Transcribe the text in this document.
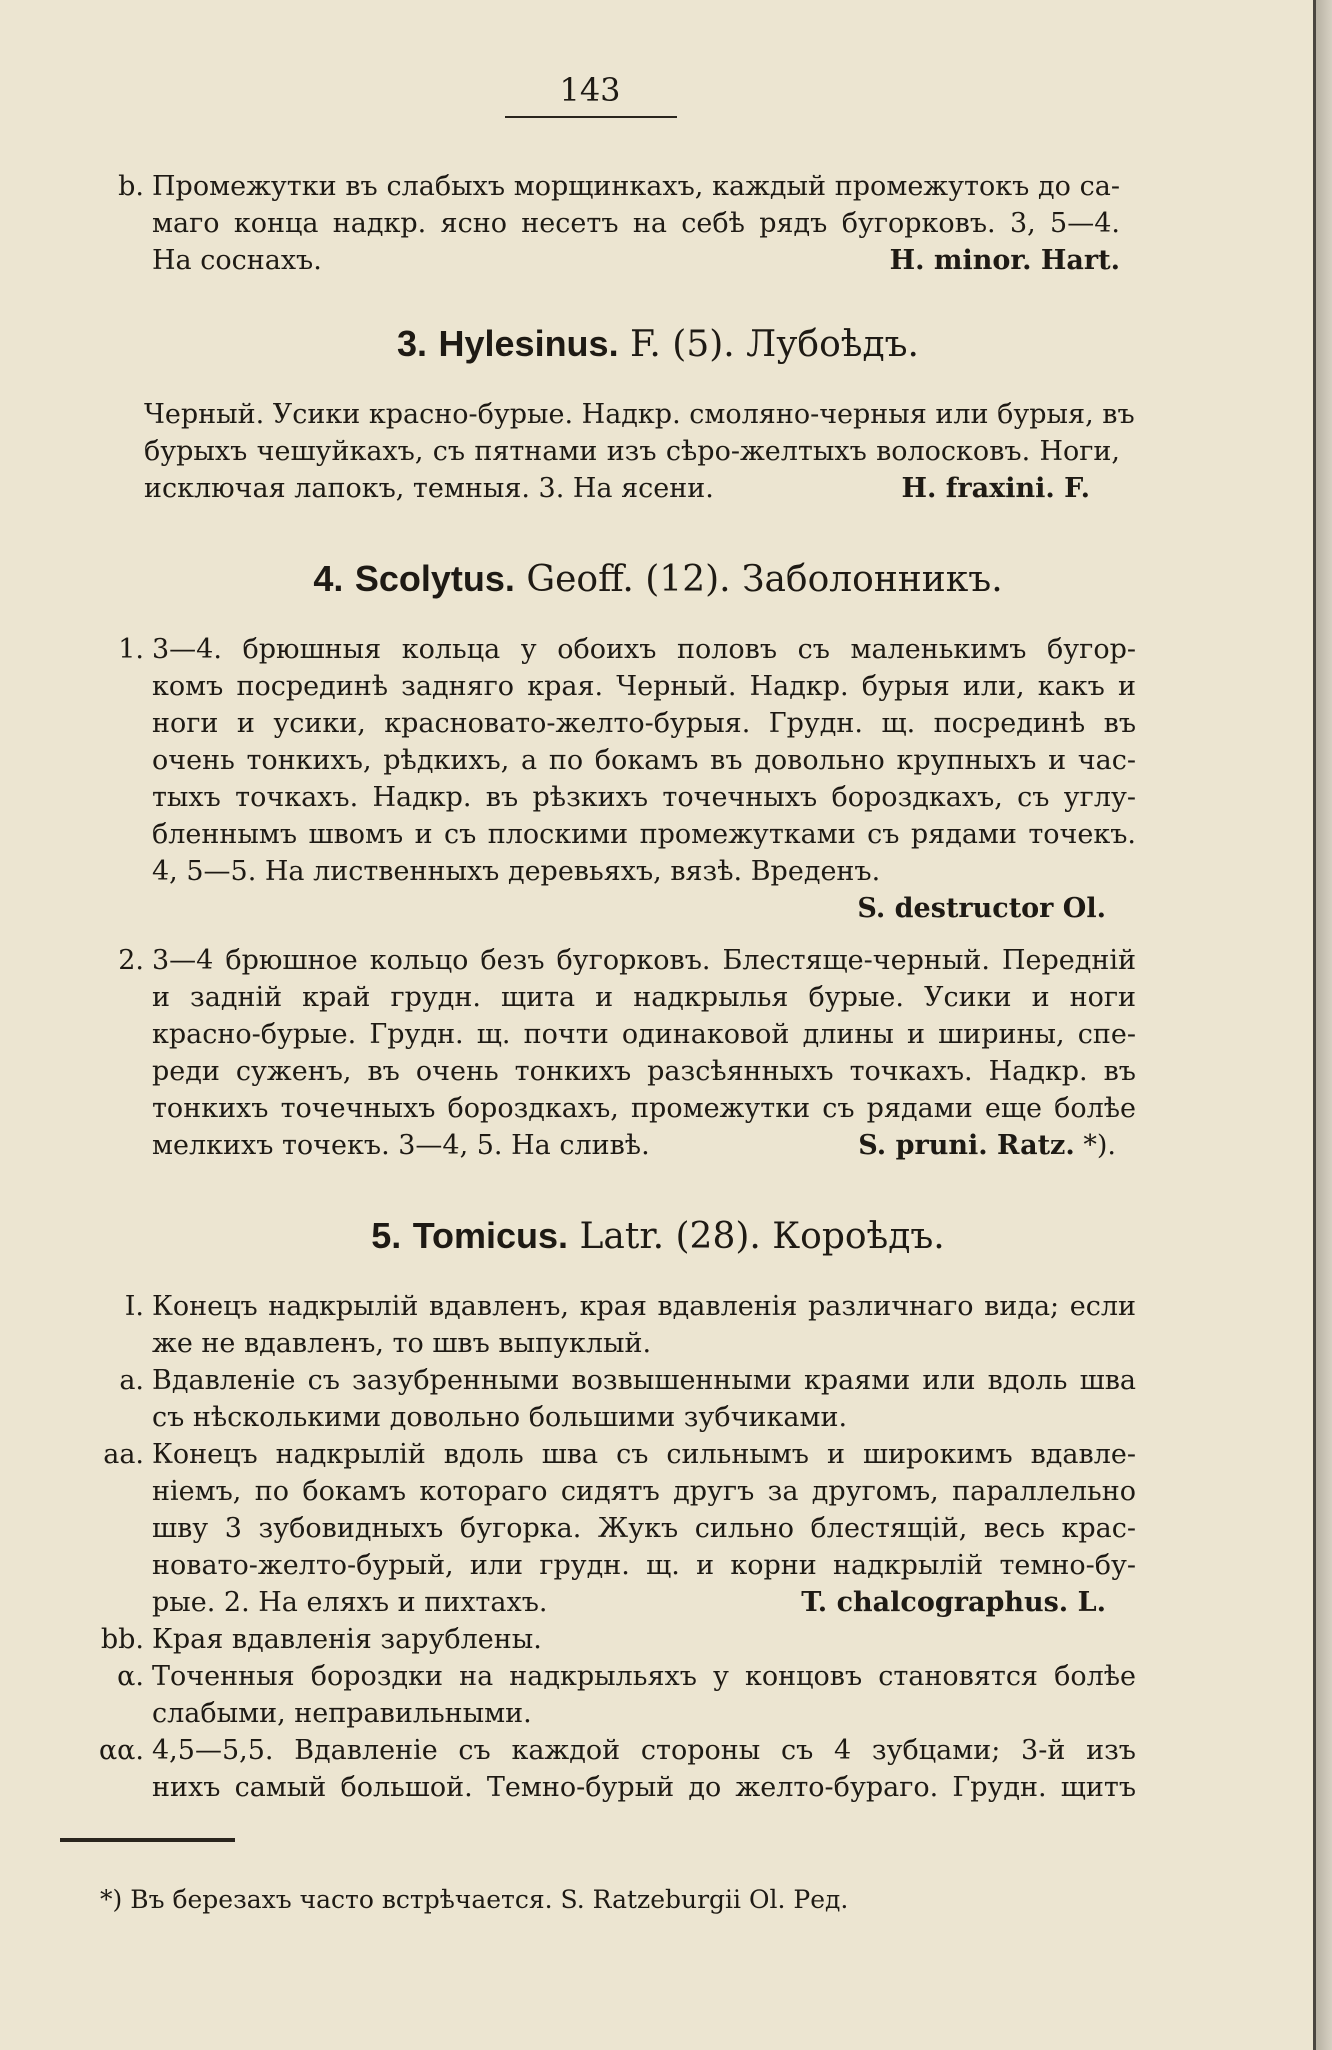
143
b. Промежутки въ слабыхъ морщинкахъ, каждый промежутокъ до са-
маго конца надкр. ясно несетъ на себѣ рядъ бугорковъ. 3, 5—4.
На соснахъ.	H. minor. Hart.
3. Hylesinus. F. (5). Лубоѣдъ.
Черный. Усики красно-бурые. Надкр. смоляно-черныя или бурыя, въ
бурыхъ чешуйкахъ, съ пятнами изъ сѣро-желтыхъ волосковъ. Ноги,
исключая лапокъ, темныя. 3. На ясени.	H. fraxini. F.
4. Scolytus. Geoff. (12). Заболонникъ.
1. 3—4. брюшныя кольца у обоихъ половъ съ маленькимъ бугор-
комъ посрединѣ задняго края. Черный. Надкр. бурыя или, какъ и
ноги и усики, красновато-желто-бурыя. Грудн. щ. посрединѣ въ
очень тонкихъ, рѣдкихъ, а по бокамъ въ довольно крупныхъ и час-
тыхъ точкахъ. Надкр. въ рѣзкихъ точечныхъ бороздкахъ, съ углу-
бленнымъ швомъ и съ плоскими промежутками съ рядами точекъ.
4, 5—5. На лиственныхъ деревьяхъ, вязѣ. Вреденъ.
S. destructor Ol.
2. 3—4 брюшное кольцо безъ бугорковъ. Блестяще-черный. Переднiй
и заднiй край грудн. щита и надкрылья бурые. Усики и ноги
красно-бурые. Грудн. щ. почти одинаковой длины и ширины, спе-
реди суженъ, въ очень тонкихъ разсѣянныхъ точкахъ. Надкр. въ
тонкихъ точечныхъ бороздкахъ, промежутки съ рядами еще болѣе
мелкихъ точекъ. 3—4, 5. На сливѣ.	S. pruni. Ratz. *).
5. Tomicus. Latr. (28). Короѣдъ.
I. Конецъ надкрылiй вдавленъ, края вдавленiя различнаго вида; если
же не вдавленъ, то швъ выпуклый.
a. Вдавленiе съ зазубренными возвышенными краями или вдоль шва
съ нѣсколькими довольно большими зубчиками.
aa. Конецъ надкрылiй вдоль шва съ сильнымъ и широкимъ вдавле-
нiемъ, по бокамъ котораго сидятъ другъ за другомъ, параллельно
шву 3 зубовидныхъ бугорка. Жукъ сильно блестящiй, весь крас-
новато-желто-бурый, или грудн. щ. и корни надкрылiй темно-бу-
рые. 2. На еляхъ и пихтахъ.	T. chalcographus. L.
bb. Края вдавленiя зарублены.
α. Точенныя бороздки на надкрыльяхъ у концовъ становятся болѣе
слабыми, неправильными.
αα. 4,5—5,5. Вдавленiе съ каждой стороны съ 4 зубцами; 3-й изъ
нихъ самый большой. Темно-бурый до желто-бураго. Грудн. щитъ
*) Въ березахъ часто встрѣчается. S. Ratzeburgii Ol. Ред.
